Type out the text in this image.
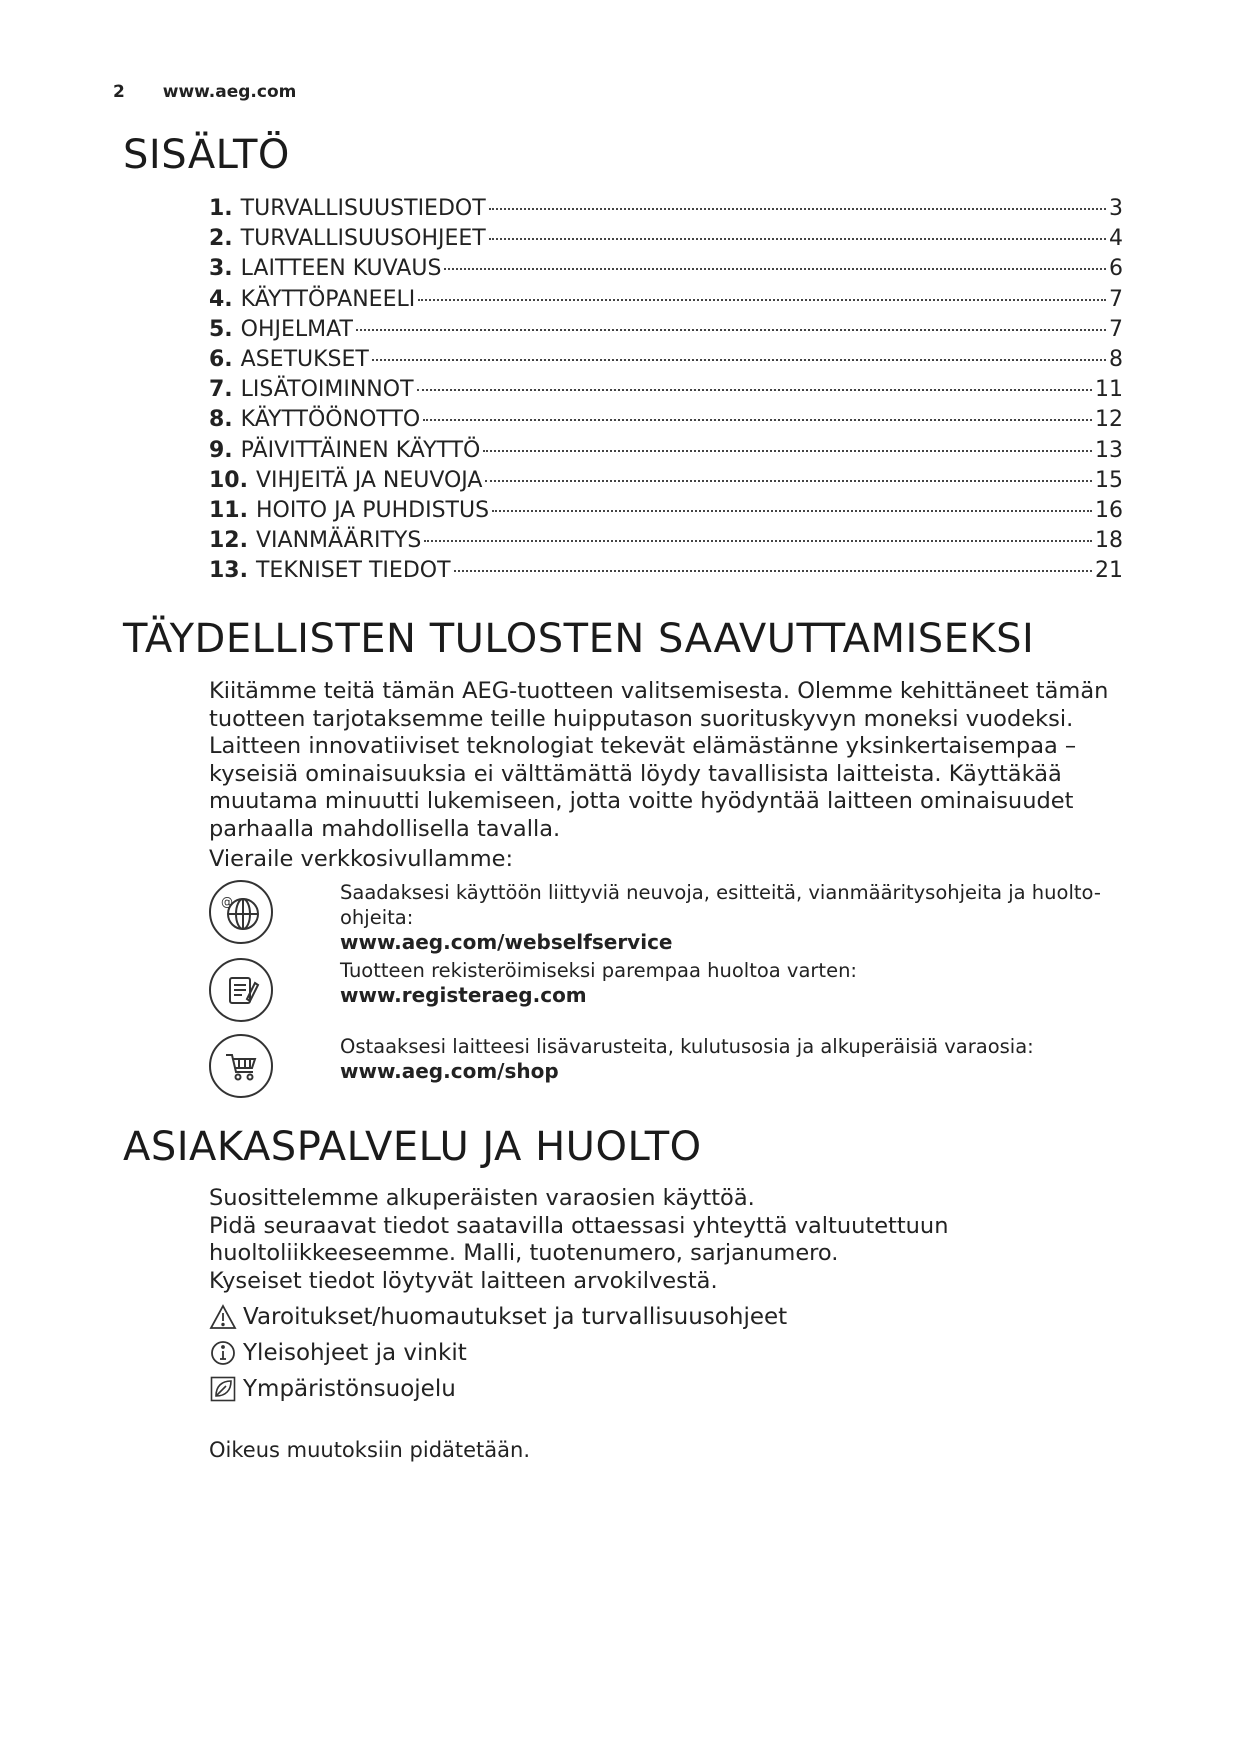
2 www.aeg.com
SISÄLTÖ
1. TURVALLISUUSTIEDOT	3
2. TURVALLISUUSOHJEET	4
3. LAITTEEN KUVAUS	6
4. KÄYTTÖPANEELI	7
5. OHJELMAT	7
6. ASETUKSET	8
7. LISÄTOIMINNOT	11
8. KÄYTTÖÖNOTTO	12
9. PÄIVITTÄINEN KÄYTTÖ	13
10. VIHJEITÄ JA NEUVOJA	15
11. HOITO JA PUHDISTUS	16
12. VIANMÄÄRITYS	18
13. TEKNISET TIEDOT	21
TÄYDELLISTEN TULOSTEN SAAVUTTAMISEKSI
Kiitämme teitä tämän AEG-tuotteen valitsemisesta. Olemme kehittäneet tämän
tuotteen tarjotaksemme teille huipputason suorituskyvyn moneksi vuodeksi.
Laitteen innovatiiviset teknologiat tekevät elämästänne yksinkertaisempaa –
kyseisiä ominaisuuksia ei välttämättä löydy tavallisista laitteista. Käyttäkää
muutama minuutti lukemiseen, jotta voitte hyödyntää laitteen ominaisuudet
parhaalla mahdollisella tavalla.
Vieraile verkkosivullamme:
@	Saadaksesi käyttöön liittyviä neuvoja, esitteitä, vianmääritysohjeita ja huolto-ohjeita:
www.aeg.com/webselfservice
Tuotteen rekisteröimiseksi parempaa huoltoa varten:
www.registeraeg.com
Ostaaksesi laitteesi lisävarusteita, kulutusosia ja alkuperäisiä varaosia:
www.aeg.com/shop
ASIAKASPALVELU JA HUOLTO
Suosittelemme alkuperäisten varaosien käyttöä.
Pidä seuraavat tiedot saatavilla ottaessasi yhteyttä valtuutettuun
huoltoliikkeeseemme. Malli, tuotenumero, sarjanumero.
Kyseiset tiedot löytyvät laitteen arvokilvestä.
Varoitukset/huomautukset ja turvallisuusohjeet
Yleisohjeet ja vinkit
Ympäristönsuojelu
Oikeus muutoksiin pidätetään.
